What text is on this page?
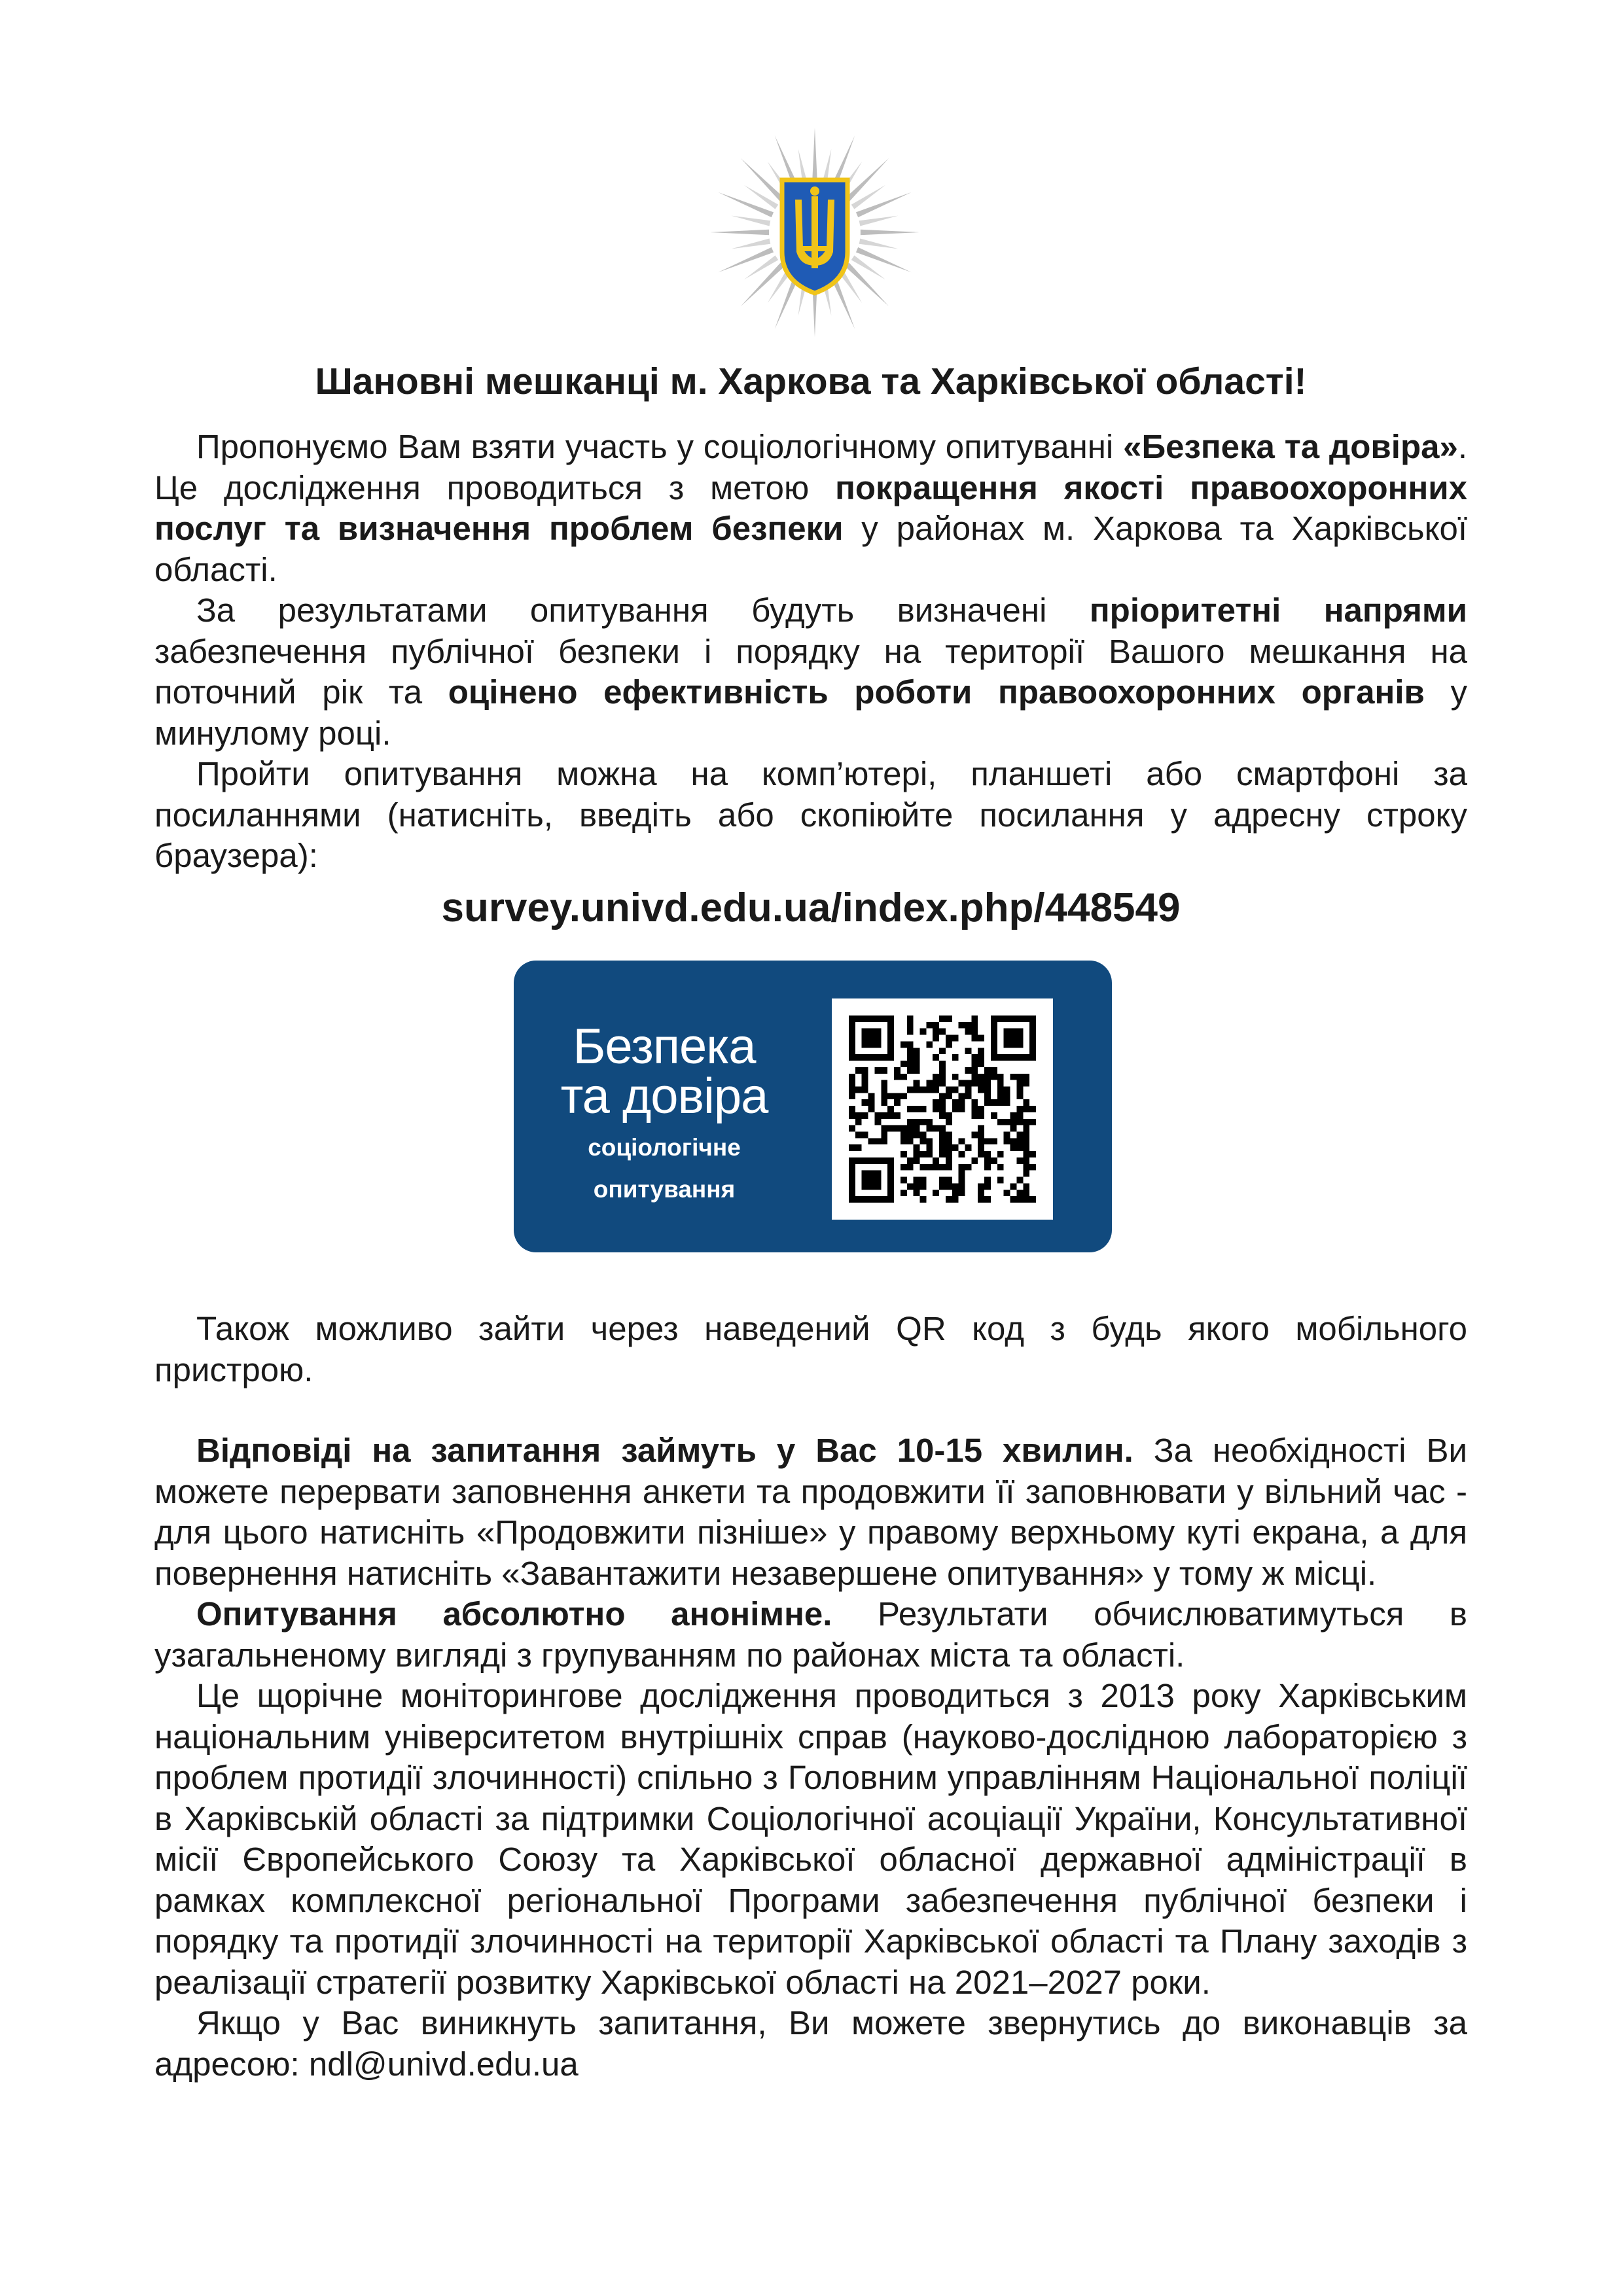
Шановні мешканці м. Харкова та Харківської області!

Пропонуємо Вам взяти участь у соціологічному опитуванні «Безпека та довіра». Це дослідження проводиться з метою покращення якості правоохоронних послуг та визначення проблем безпеки у районах м. Харкова та Харківської області.

За результатами опитування будуть визначені пріоритетні напрями забезпечення публічної безпеки і порядку на території Вашого мешкання на поточний рік та оцінено ефективність роботи правоохоронних органів у минулому році.

Пройти опитування можна на комп’ютері, планшеті або смартфоні за посиланнями (натисніть, введіть або скопіюйте посилання у адресну строку браузера):

survey.univd.edu.ua/index.php/448549
Безпека та довіра
соціологічне
опитування

Також можливо зайти через наведений QR код з будь якого мобільного пристрою.

Відповіді на запитання займуть у Вас 10-15 хвилин. За необхідності Ви можете перервати заповнення анкети та продовжити її заповнювати у вільний час - для цього натисніть «Продовжити пізніше» у правому верхньому куті екрана, а для повернення натисніть «Завантажити незавершене опитування» у тому ж місці.

Опитування абсолютно анонімне. Результати обчислюватимуться в узагальненому вигляді з групуванням по районах міста та області.

Це щорічне моніторингове дослідження проводиться з 2013 року Харківським національним університетом внутрішніх справ (науково-дослідною лабораторією з проблем протидії злочинності) спільно з Головним управлінням Національної поліції в Харківській області за підтримки Соціологічної асоціації України, Консультативної місії Європейського Союзу та Харківської обласної державної адміністрації в рамках комплексної регіональної Програми забезпечення публічної безпеки і порядку та протидії злочинності на території Харківської області та Плану заходів з реалізації стратегії розвитку Харківської області на 2021–2027 роки.

Якщо у Вас виникнуть запитання, Ви можете звернутись до виконавців за адресою: ndl@univd.edu.ua
